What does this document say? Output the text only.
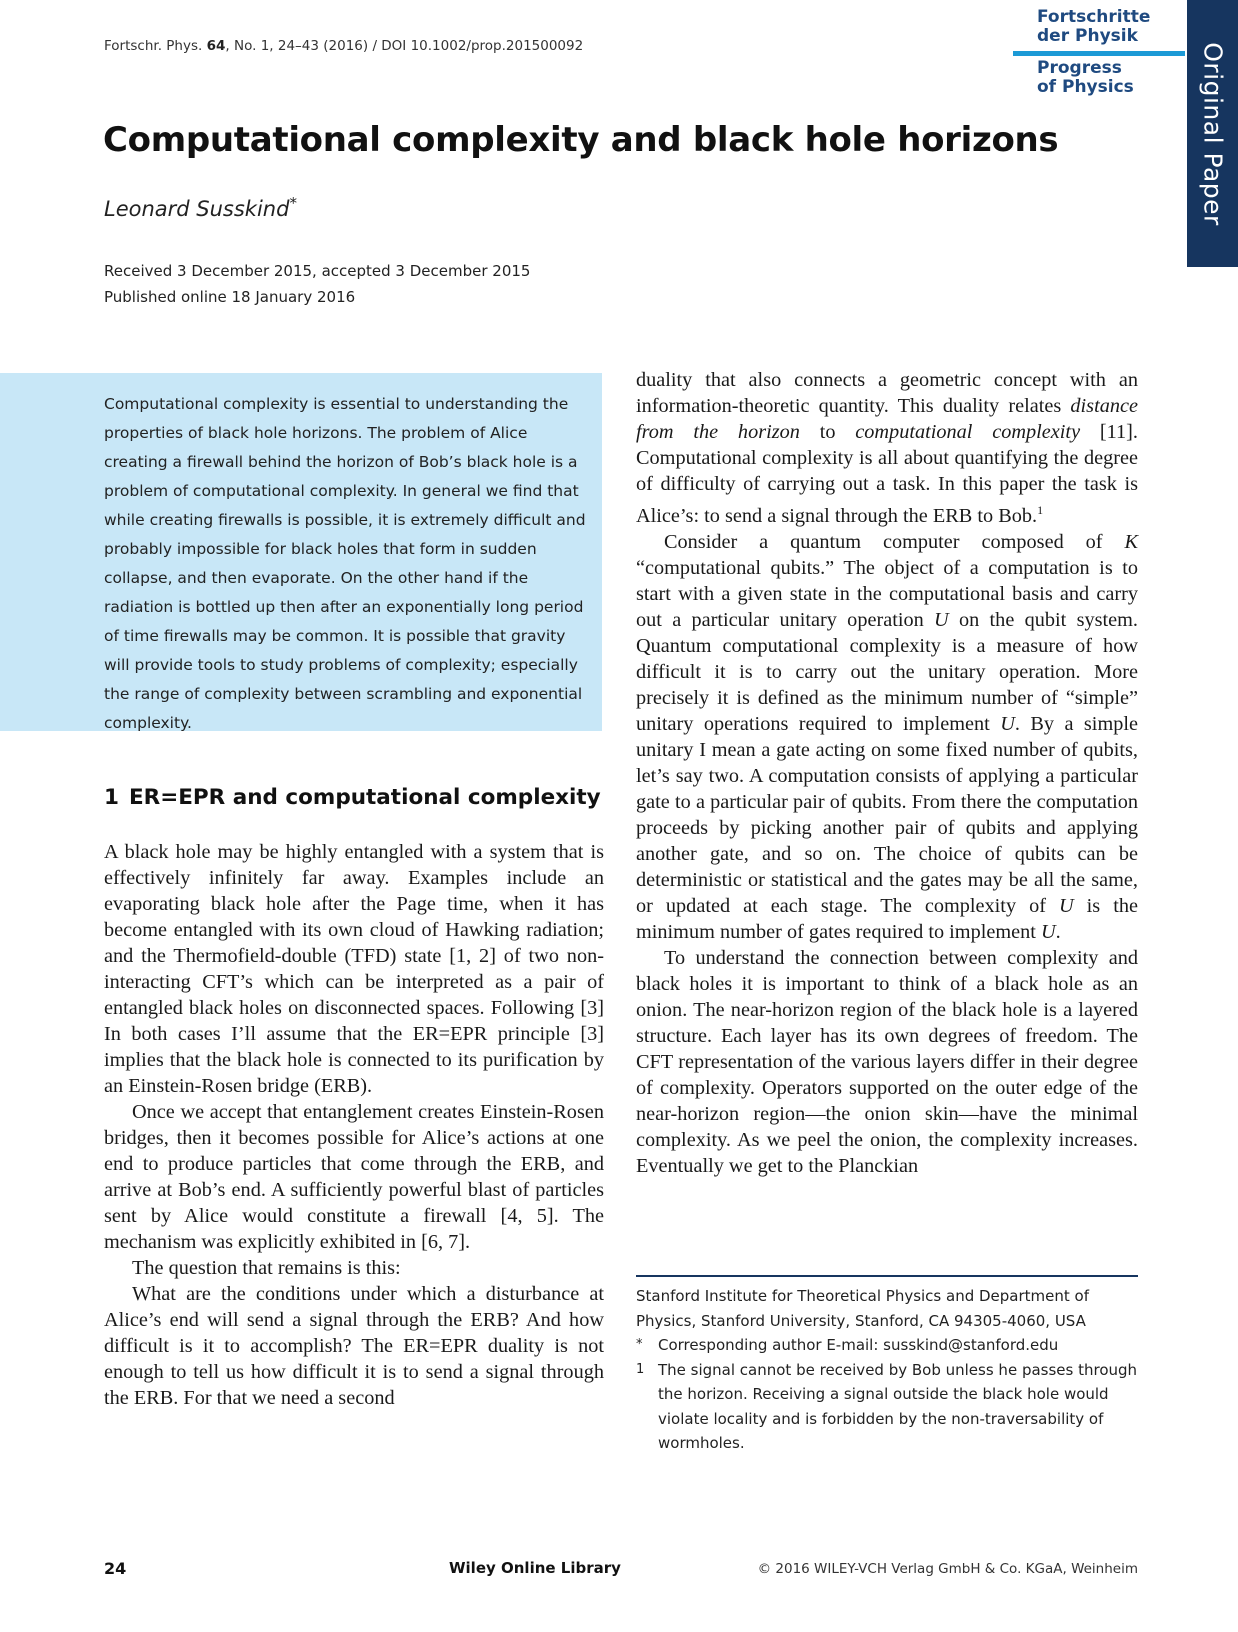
Fortschr. Phys. 64, No. 1, 24–43 (2016) / DOI 10.1002/prop.201500092
Fortschritte
der Physik
Progress
of Physics	Original Paper
Computational complexity and black hole horizons
Leonard Susskind*
Received 3 December 2015, accepted 3 December 2015
Published online 18 January 2016
Computational complexity is essential to understanding the properties of black hole horizons. The problem of Alice creating a firewall behind the horizon of Bob’s black hole is a problem of computational complexity. In general we find that while creating firewalls is possible, it is extremely difficult and probably impossible for black holes that form in sudden collapse, and then evaporate. On the other hand if the radiation is bottled up then after an exponentially long period of time firewalls may be common. It is possible that gravity will provide tools to study problems of complexity; especially the range of complexity between scrambling and exponential complexity.
1 ER=EPR and computational complexity

A black hole may be highly entangled with a system that is effectively infinitely far away. Examples include an evaporating black hole after the Page time, when it has become entangled with its own cloud of Hawking radiation; and the Thermofield-double (TFD) state [1, 2] of two non-interacting CFT’s which can be interpreted as a pair of entangled black holes on disconnected spaces. Following [3] In both cases I’ll assume that the ER=EPR principle [3] implies that the black hole is connected to its purification by an Einstein-Rosen bridge (ERB).

Once we accept that entanglement creates Einstein-Rosen bridges, then it becomes possible for Alice’s actions at one end to produce particles that come through the ERB, and arrive at Bob’s end. A sufficiently powerful blast of particles sent by Alice would constitute a firewall [4, 5]. The mechanism was explicitly exhibited in [6, 7].

The question that remains is this:

What are the conditions under which a disturbance at Alice’s end will send a signal through the ERB? And how difficult is it to accomplish? The ER=EPR duality is not enough to tell us how difficult it is to send a signal through the ERB. For that we need a second

duality that also connects a geometric concept with an information-theoretic quantity. This duality relates distance from the horizon to computational complexity [11]. Computational complexity is all about quantifying the degree of difficulty of carrying out a task. In this paper the task is Alice’s: to send a signal through the ERB to Bob.$^1$

Consider a quantum computer composed of K “computational qubits.” The object of a computation is to start with a given state in the computational basis and carry out a particular unitary operation U on the qubit system. Quantum computational complexity is a measure of how difficult it is to carry out the unitary operation. More precisely it is defined as the minimum number of “simple” unitary operations required to implement U. By a simple unitary I mean a gate acting on some fixed number of qubits, let’s say two. A computation consists of applying a particular gate to a particular pair of qubits. From there the computation proceeds by picking another pair of qubits and applying another gate, and so on. The choice of qubits can be deterministic or statistical and the gates may be all the same, or updated at each stage. The complexity of U is the minimum number of gates required to implement U.

To understand the connection between complexity and black holes it is important to think of a black hole as an onion. The near-horizon region of the black hole is a layered structure. Each layer has its own degrees of freedom. The CFT representation of the various layers differ in their degree of complexity. Operators supported on the outer edge of the near-horizon region—the onion skin—have the minimal complexity. As we peel the onion, the complexity increases. Eventually we get to the Planckian

Stanford Institute for Theoretical Physics and Department of Physics, Stanford University, Stanford, CA 94305-4060, USA
* Corresponding author E-mail: susskind@stanford.edu
1 The signal cannot be received by Bob unless he passes through the horizon. Receiving a signal outside the black hole would violate locality and is forbidden by the non-traversability of wormholes.
24	Wiley Online Library	© 2016 WILEY-VCH Verlag GmbH & Co. KGaA, Weinheim
